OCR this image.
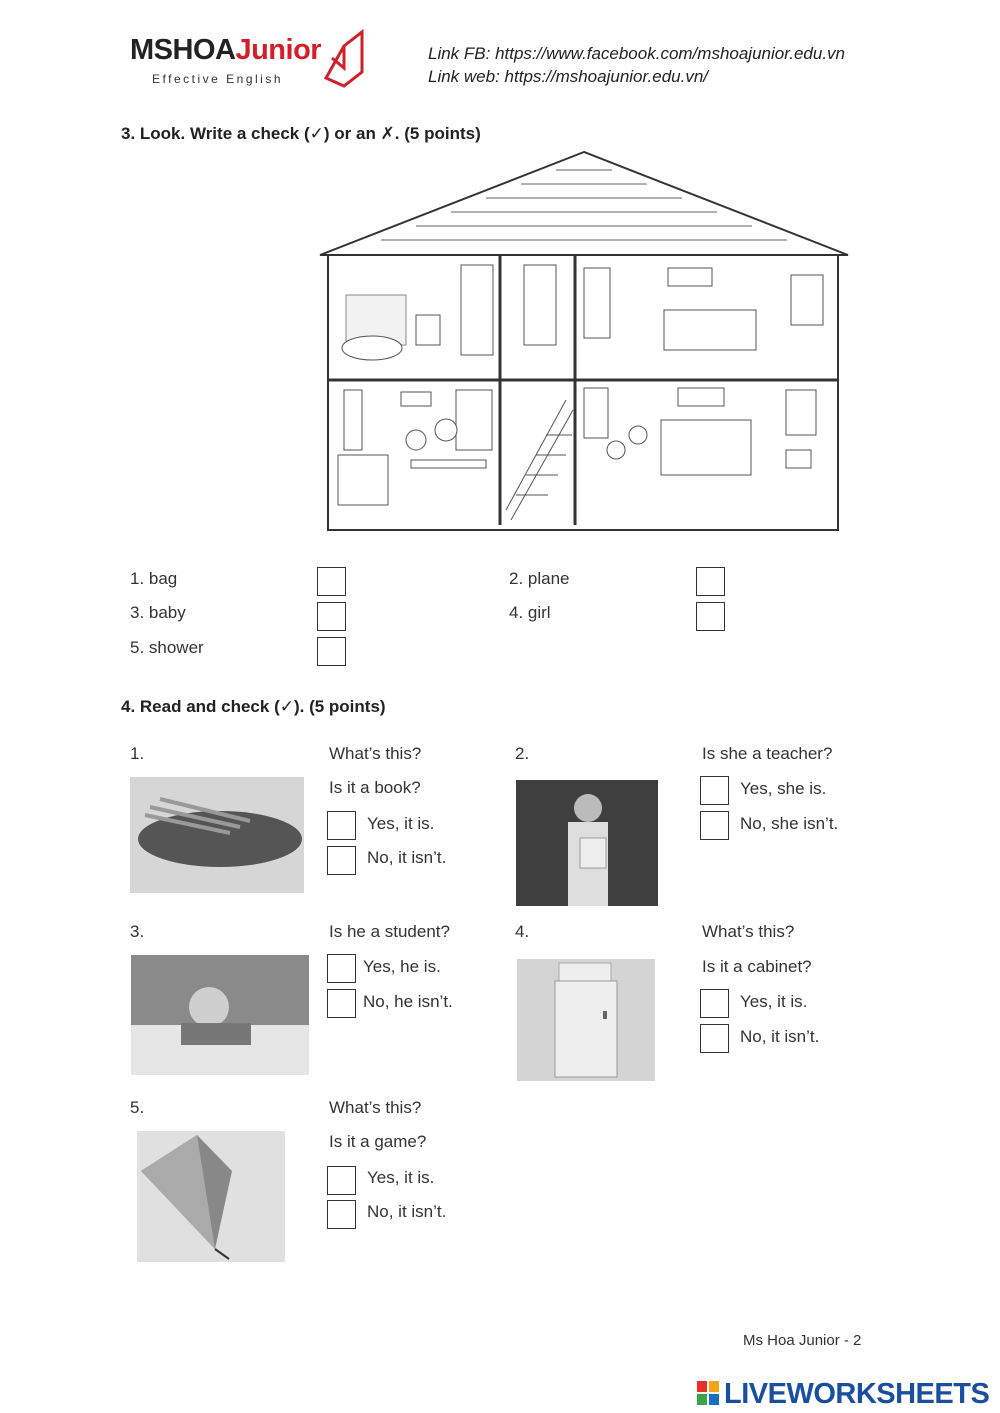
MSHOAJunior
Effective English
Link FB: https://www.facebook.com/mshoajunior.edu.vn
Link web: https://mshoajunior.edu.vn/
3. Look. Write a check (✓) or an ✗. (5 points)
1. bag	2. plane
3. baby	4. girl
5. shower
4. Read and check (✓). (5 points)
1.	What’s this?
Is it a book?
Yes, it is.
No, it isn’t.
2.	Is she a teacher?
Yes, she is.
No, she isn’t.
3.	Is he a student?
Yes, he is.
No, he isn’t.
4.	What’s this?
Is it a cabinet?
Yes, it is.
No, it isn’t.
5.	What’s this?
Is it a game?
Yes, it is.
No, it isn’t.
Ms Hoa Junior - 2
LIVEWORKSHEETS
